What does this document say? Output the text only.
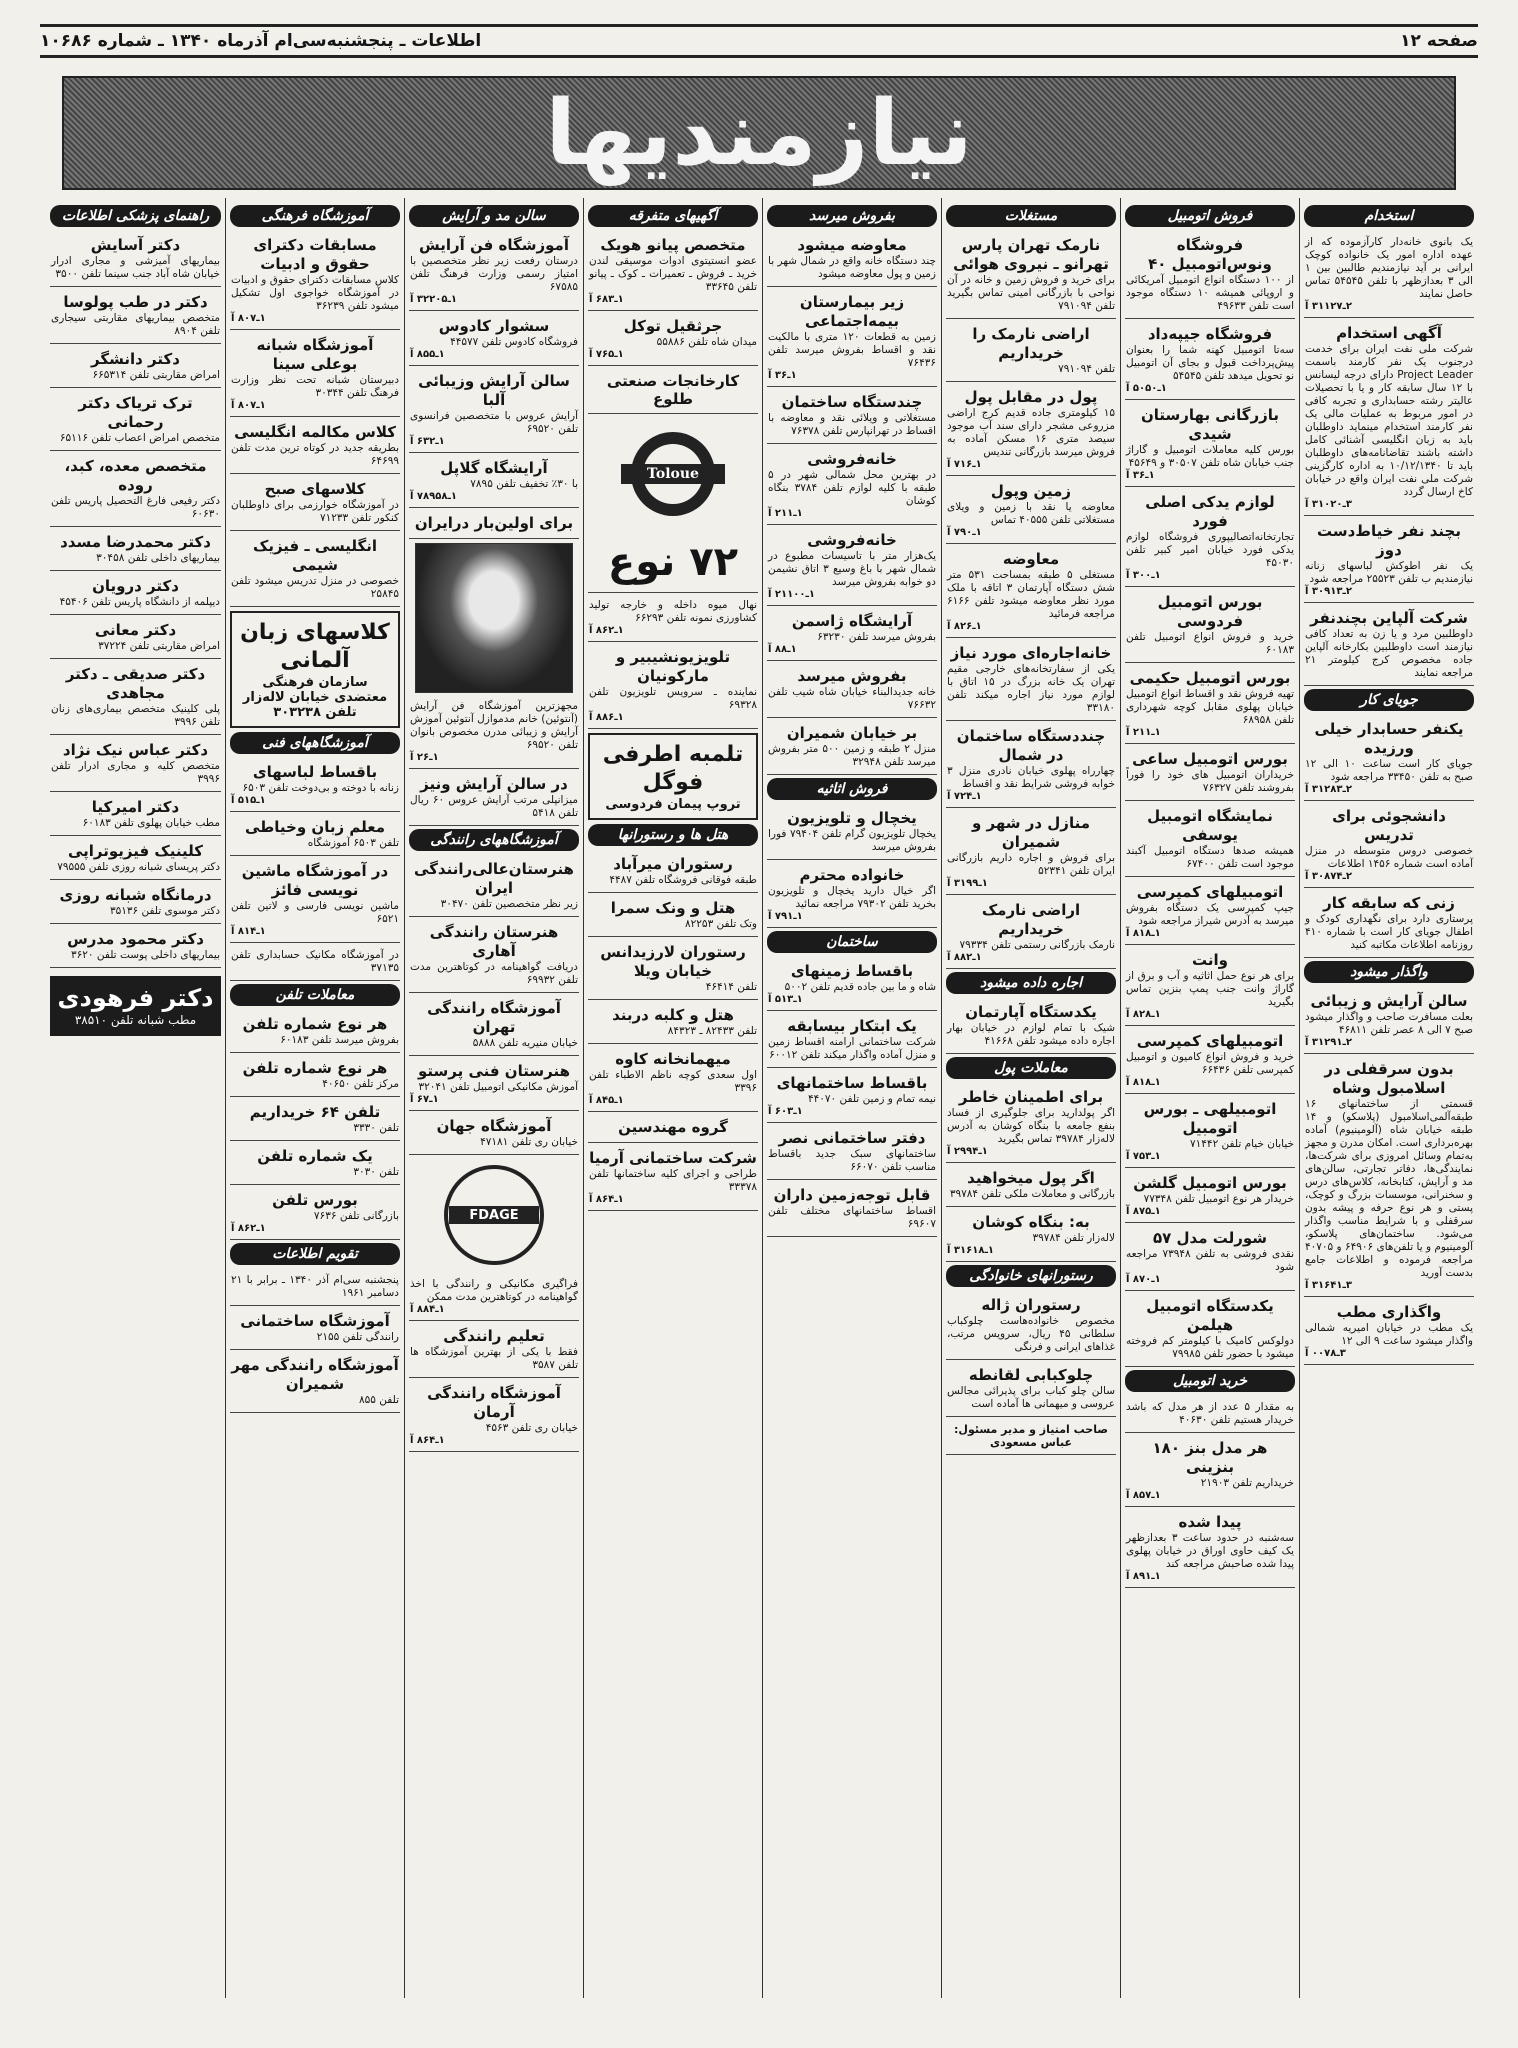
صفحه ۱۲
اطلاعات ـ پنجشنبه‌سی‌ام آذرماه ۱۳۴۰ ـ شماره ۱۰۶۸۶
نیازمندیها
استخدام

یک بانوی خانه‌دار کارآزموده که از عهده اداره امور یک خانواده کوچک ایرانی بر آید نیازمندیم طالبین بین ۱ الی ۳ بعدازظهر با تلفن ۵۴۵۴۵ تماس حاصل نمایند

۲ـ۳۱۱۲۷ آ
آگهی استخدام

شرکت ملی نفت ایران برای خدمت درجنوب یک نفر کارمند باسمت Project Leader دارای درجه لیسانس با ۱۲ سال سابقه کار و یا با تحصیلات عالیتر رشته حسابداری و تجربه کافی در امور مربوط به عملیات مالی یک نفر کارمند استخدام مینماید داوطلبان باید به زبان انگلیسی آشنائی کامل داشته باشند تقاضانامه‌های داوطلبان باید تا ۱۰/۱۲/۱۳۴۰ به اداره کارگزینی شرکت ملی نفت ایران واقع در خیابان کاخ ارسال گردد

۳ـ۳۱۰۲۰ آ
بچند نفر خیاط‌دست دوز

یک نفر اطوکش لباسهای زنانه نیازمندیم ب تلفن ۲۵۵۲۳ مراجعه شود

۲ـ۳۰۹۱۳ آ
شرکت آلپاین بچندنفر

داوطلبین مرد و یا زن به تعداد کافی نیازمند است داوطلبین بکارخانه آلپاین جاده مخصوص کرج کیلومتر ۲۱ مراجعه نمایند

جویای کار
یکنفر حسابدار خیلی ورزیده

جویای کار است ساعت ۱۰ الی ۱۲ صبح به تلفن ۳۳۴۵۰ مراجعه شود

۲ـ۳۱۲۸۳ آ
دانشجوئی برای تدریس

خصوصی دروس متوسطه در منزل آماده است شماره ۱۴۵۶ اطلاعات

۲ـ۳۰۸۷۴ آ
زنی که سابقه کار

پرستاری دارد برای نگهداری کودک و اطفال جویای کار است با شماره ۴۱۰ روزنامه اطلاعات مکاتبه کنید

واگذار میشود
سالن آرایش و زیبائی

بعلت مسافرت صاحب و واگذار میشود صبح ۷ الی ۸ عصر تلفن ۴۶۸۱۱

۲ـ۳۱۲۹۱ آ
بدون سرقفلی در اسلامبول وشاه

قسمتی از ساختمانهای ۱۶ طبقه‌آلمی‌اسلامبول (پلاسکو) و ۱۴ طبقه خیابان شاه (آلومینیوم) آماده بهره‌برداری است. امکان مدرن و مجهز به‌تمام وسائل امروزی برای شرکت‌ها، نمایندگی‌ها، دفاتر تجارتی، سالن‌های مد و آرایش، کتابخانه، کلاس‌های درس و سخنرانی، موسسات بزرگ و کوچک، پستی و هر نوع حرفه و پیشه بدون سرقفلی و با شرایط مناسب واگذار می‌شود. ساختمان‌های پلاسکو، آلومینیوم و یا تلفن‌های ۶۴۹۰۶ و ۴۰۷۰۵ مراجعه فرموده و اطلاعات جامع بدست آورید

۳ـ۳۱۶۴۱ آ
واگذاری مطب

یک مطب در خیابان امیریه شمالی واگذار میشود ساعت ۹ الی ۱۲

۳ـ۰۰۷۸ آ
فروش اتومبیل
فروشگاه ونوس‌اتومبیل ۴۰

از ۱۰۰ دستگاه انواع اتومبیل آمریکائی و اروپائی همیشه ۱۰ دستگاه موجود است تلفن ۴۹۶۳۳

فروشگاه جیپه‌داد

سه‌تا اتومبیل کهنه شما را بعنوان پیش‌پرداخت قبول و بجای آن اتومبیل نو تحویل میدهد تلفن ۵۴۵۴۵

۱ـ۵۰۵۰ آ
بازرگانی بهارستان شیدی

بورس کلیه معاملات اتومبیل و گاراژ جنب خیابان شاه تلفن ۳۰۵۰۷ و ۴۵۶۴۹

۱ـ۳۶ آ
لوازم یدکی اصلی فورد

تجارتخانه‌اتصالیپوری فروشگاه لوازم یدکی فورد خیابان امیر کبیر تلفن ۴۵۰۳۰

۱ـ۳۰۰ آ
بورس اتومبیل فردوسی

خرید و فروش انواع اتومبیل تلفن ۶۰۱۸۳

بورس اتومبیل حکیمی

تهیه فروش نقد و اقساط انواع اتومبیل خیابان پهلوی مقابل کوچه شهرداری تلفن ۶۸۹۵۸

۱ـ۲۱۱ آ
بورس اتومبیل ساعی

خریداران اتومبیل های خود را فوراً بفروشند تلفن ۷۶۳۲۷

نمایشگاه اتومبیل یوسفی

همیشه صدها دستگاه اتومبیل آکبند موجود است تلفن ۶۷۴۰۰

اتومبیلهای کمپرسی

جیپ کمپرسی یک دستگاه بفروش میرسد به آدرس شیراز مراجعه شود

۱ـ۸۱۸ آ
وانت

برای هر نوع حمل اثاثیه و آب و برق از گاراژ وانت جنب پمپ بنزین تماس بگیرید

۱ـ۸۲۸ آ
اتومبیلهای کمپرسی

خرید و فروش انواع کامیون و اتومبیل کمپرسی تلفن ۶۶۴۳۶

۱ـ۸۱۸ آ
اتومبیلهی ـ بورس اتومبیل

خیابان خیام تلفن ۷۱۴۴۲

۱ـ۷۵۳ آ
بورس اتومبیل گلشن

خریدار هر نوع اتومبیل تلفن ۷۷۳۴۸

۱ـ۸۷۵ آ
شورلت مدل ۵۷

نقدی فروشی به تلفن ۷۳۹۴۸ مراجعه شود

۱ـ۸۷۰ آ
یکدستگاه اتومبیل هیلمن

دولوکس کامیک با کیلومتر کم فروخته میشود با حضور تلفن ۷۹۹۸۵

خرید اتومبیل

به مقدار ۵ عدد از هر مدل که باشد خریدار هستیم تلفن ۴۰۶۳۰

هر مدل بنز ۱۸۰ بنزینی

خریداریم تلفن ۲۱۹۰۳

۱ـ۸۵۷ آ
پیدا شده

سه‌شنبه در حدود ساعت ۳ بعدازظهر یک کیف حاوی اوراق در خیابان پهلوی پیدا شده صاحبش مراجعه کند

۱ـ۸۹۱ آ
مستغلات
نارمک تهران پارس تهرانو ـ نیروی هوائی

برای خرید و فروش زمین و خانه در آن نواحی با بازرگانی امینی تماس بگیرید تلفن ۷۹۱۰۹۴

اراضی نارمک را خریداریم

تلفن ۷۹۱۰۹۴

پول در مقابل پول

۱۵ کیلومتری جاده قدیم کرج اراضی مزروعی مشجر دارای سند آب موجود سیصد متری ۱۶ مسکن آماده به فروش میرسد بازرگانی تندیس

۱ـ۷۱۶ آ
زمین وپول

معاوضه یا نقد با زمین و ویلای مستغلاتی تلفن ۴۰۵۵۵ تماس

۱ـ۷۹۰ آ
معاوضه

مستغلی ۵ طبقه بمساحت ۵۳۱ متر شش دستگاه آپارتمان ۳ اتاقه با ملک مورد نظر معاوضه میشود تلفن ۶۱۶۶ مراجعه فرمائید

۱ـ۸۲۶ آ
خانه‌اجاره‌ای مورد نیاز

یکی از سفارتخانه‌های خارجی مقیم تهران یک خانه بزرگ در ۱۵ اتاق با لوازم مورد نیاز اجاره میکند تلفن ۳۳۱۸۰

چنددستگاه ساختمان در شمال

چهارراه پهلوی خیابان نادری منزل ۳ خوابه فروشی شرایط نقد و اقساط

۱ـ۷۲۴ آ
منازل در شهر و شمیران

برای فروش و اجاره داریم بازرگانی ایران تلفن ۵۲۳۴۱

۱ـ۳۱۹۹ آ
اراضی نارمک خریداریم

نارمک بازرگانی رستمی تلفن ۷۹۳۳۴

۱ـ۸۸۲ آ
اجاره داده میشود
یکدستگاه آپارتمان

شیک با تمام لوازم در خیابان بهار اجاره داده میشود تلفن ۴۱۶۶۸

معاملات پول
برای اطمینان خاطر

اگر پولدارید برای جلوگیری از فساد بنفع جامعه با بنگاه کوشان به آدرس لاله‌زار ۳۹۷۸۴ تماس بگیرید

۱ـ۲۹۹۴ آ
اگر پول میخواهید

بازرگانی و معاملات ملکی تلفن ۳۹۷۸۴

به: بنگاه کوشان

لاله‌زار تلفن ۳۹۷۸۴

۱ـ۳۱۶۱۸ آ
رستورانهای خانوادگی
رستوران ژاله

مخصوص خانواده‌هاست چلوکباب سلطانی ۴۵ ریال، سرویس مرتب، غذاهای ایرانی و فرنگی

چلوکبابی لقانطه

سالن چلو کباب برای پذیرائی مجالس عروسی و میهمانی ها آماده است

صاحب امتیاز و مدیر مسئول: عباس مسعودی
بفروش میرسد
معاوضه میشود

چند دستگاه خانه واقع در شمال شهر با زمین و پول معاوضه میشود

زیر بیمارستان بیمه‌اجتماعی

زمین به قطعات ۱۲۰ متری با مالکیت نقد و اقساط بفروش میرسد تلفن ۷۶۴۳۶

۱ـ۳۶ آ
چندستگاه ساختمان

مستغلاتی و ویلائی نقد و معاوضه با اقساط در تهرانپارس تلفن ۷۶۳۷۸

خانه‌فروشی

در بهترین محل شمالی شهر در ۵ طبقه با کلیه لوازم تلفن ۳۷۸۴ بنگاه کوشان

۱ـ۲۱۱ آ
خانه‌فروشی

یک‌هزار متر با تاسیسات مطبوع در شمال شهر با باغ وسیع ۳ اتاق نشیمن دو خوابه بفروش میرسد

۱ـ۲۱۱۰۰ آ
آرایشگاه ژاسمن

بفروش میرسد تلفن ۶۳۲۳۰

۱ـ۸۸ آ
بفروش میرسد

خانه جدیدالبناء خیابان شاه شیب تلفن ۷۶۶۳۲

بر خیابان شمیران

منزل ۲ طبقه و زمین ۵۰۰ متر بفروش میرسد تلفن ۳۲۹۴۸

فروش اثاثیه
یخچال و تلویزیون

یخچال تلویزیون گرام تلفن ۷۹۴۰۴ فورا بفروش میرسد

خانواده محترم

اگر خیال دارید یخچال و تلویزیون بخرید تلفن ۷۹۳۰۲ مراجعه نمائید

۱ـ۷۹۱ آ
ساختمان
باقساط زمینهای

شاه و ما بین جاده قدیم تلفن ۵۰۰۲

۱ـ۵۱۳ آ
یک ابتکار بیسابقه

شرکت ساختمانی ارامنه اقساط زمین و منزل آماده واگذار میکند تلفن ۶۰۰۱۲

باقساط ساختمانهای

نیمه تمام و زمین تلفن ۴۴۰۷۰

۱ـ۶۰۳ آ
دفتر ساختمانی نصر

ساختمانهای سبک جدید باقساط مناسب تلفن ۶۶۰۷۰

قابل توجه‌زمین داران

اقساط ساختمانهای مختلف تلفن ۶۹۶۰۷

آگهیهای متفرقه
متخصص پیانو هویک

عضو انستیتوی ادوات موسیقی لندن خرید ـ فروش ـ تعمیرات ـ کوک ـ پیانو تلفن ۳۳۶۴۵

۱ـ۶۸۳ آ
جرثقیل توکل

میدان شاه تلفن ۵۵۸۸۶

۱ـ۷۶۵ آ
کارخانجات صنعتی طلوع
Toloue
۷۲ نوع

نهال میوه داخله و خارجه تولید کشاورزی نمونه تلفن ۶۶۲۹۳

۱ـ۸۶۲ آ
تلویزیونشیبیر و مارکونیان

نماینده ـ سرویس تلویزیون تلفن ۶۹۳۲۸

۱ـ۸۸۶ آ
تلمبه اطرفی فوگل
تروپ پیمان فردوسی
هتل ها و رستورانها
رستوران میرآباد

طبقه فوقانی فروشگاه تلفن ۴۴۸۷

هتل و ونک سمرا

وتک تلفن ۸۲۲۵۳

رستوران لارزیدانس خیابان ویلا

تلفن ۴۶۴۱۴

هتل و کلبه دربند

تلفن ۸۲۴۳۳ ـ ۸۴۳۲۳

میهمانخانه کاوه

اول سعدی کوچه ناظم الاطباء تلفن ۳۳۹۶

۱ـ۸۴۵ آ
گروه مهندسین
شرکت ساختمانی آرمیا

طراحی و اجرای کلیه ساختمانها تلفن ۳۳۳۷۸

۱ـ۸۶۴ آ
سالن مد و آرایش
آموزشگاه فن آرایش

درستان رفعت زیر نظر متخصصین با امتیاز رسمی وزارت فرهنگ تلفن ۶۷۵۸۵

۱ـ۳۲۲۰۵ آ
سشوار کادوس

فروشگاه کادوس تلفن ۴۴۵۷۷

۱ـ۸۵۵ آ
سالن آرایش وزیبائی آلبا

آرایش عروس با متخصصین فرانسوی تلفن ۶۹۵۲۰

۱ـ۶۳۲ آ
آرایشگاه گلاپل

با ۳۰٪ تخفیف تلفن ۷۸۹۵

۱ـ۷۸۹۵۸ آ
برای اولین‌بار درایران

مجهزترین آموزشگاه فن آرایش (آنتوئین) خانم مدموازل آنتوئین آموزش آرایش و زیبائی مدرن مخصوص بانوان تلفن ۶۹۵۲۰

۱ـ۲۶ آ
در سالن آرایش ونیز

میزانپلی مرتب آرایش عروس ۶۰ ریال تلفن ۵۴۱۸

آموزشگاههای رانندگی
هنرستان‌عالی‌رانندگی ایران

زیر نظر متخصصین تلفن ۳۰۴۷۰

هنرستان رانندگی آهاری

دریافت گواهینامه در کوتاهترین مدت تلفن ۶۹۹۳۲

آموزشگاه رانندگی تهران

خیابان منیریه تلفن ۵۸۸۸

هنرستان فنی پرستو

آموزش مکانیکی اتومبیل تلفن ۳۲۰۴۱

۱ـ۶۷ آ
آموزشگاه جهان

خیابان ری تلفن ۴۷۱۸۱

FDAGE

فراگیری مکانیکی و رانندگی با اخذ گواهینامه در کوتاهترین مدت ممکن

۱ـ۸۸۴ آ
تعلیم رانندگی

فقط با یکی از بهترین آموزشگاه ها تلفن ۳۵۸۷

آموزشگاه رانندگی آرمان

خیابان ری تلفن ۴۵۶۳

۱ـ۸۶۴ آ
آموزشگاه فرهنگی
مسابقات دکترای حقوق و ادبیات

کلاس مسابقات دکترای حقوق و ادبیات در آموزشگاه خواجوی اول تشکیل میشود تلفن ۳۶۲۳۹

۱ـ۸۰۷ آ
آموزشگاه شبانه بوعلی سینا

دبیرستان شبانه تحت نظر وزارت فرهنگ تلفن ۳۰۳۴۴

۱ـ۸۰۷ آ
کلاس مکالمه انگلیسی

بطریقه جدید در کوتاه ترین مدت تلفن ۶۴۶۹۹

کلاسهای صبح

در آموزشگاه خوارزمی برای داوطلبان کنکور تلفن ۷۱۲۳۳

انگلیسی ـ فیزیک شیمی

خصوصی در منزل تدریس میشود تلفن ۲۵۸۴۵

کلاسهای زبان آلمانی
سازمان فرهنگی معتضدی خیابان لاله‌زار تلفن ۳۰۳۲۳۸
آموزشگاههای فنی
باقساط لباسهای

زنانه با دوخته و بی‌دوخت تلفن ۶۵۰۳

۱ـ۵۱۵ آ
معلم زبان وخیاطی

تلفن ۶۵۰۳ آموزشگاه

در آموزشگاه ماشین نویسی فائز

ماشین نویسی فارسی و لاتین تلفن ۶۵۲۱

۱ـ۸۱۴ آ

در آموزشگاه مکانیک حسابداری تلفن ۳۷۱۳۵

معاملات تلفن
هر نوع شماره تلفن

بفروش میرسد تلفن ۶۰۱۸۳

هر نوع شماره تلفن

مرکز تلفن ۴۰۶۵۰

تلفن ۶۴ خریداریم

تلفن ۳۳۳۰

یک شماره تلفن

تلفن ۳۰۳۰

بورس تلفن

بازرگانی تلفن ۷۶۳۶

۱ـ۸۶۲ آ
تقویم اطلاعات

پنجشنبه سی‌ام آذر ۱۳۴۰ ـ برابر با ۲۱ دسامبر ۱۹۶۱

آموزشگاه ساختمانی

رانندگی تلفن ۲۱۵۵

آموزشگاه رانندگی مهر شمیران

تلفن ۸۵۵

راهنمای پزشکی اطلاعات
دکتر آسایش

بیماریهای آمیزشی و مجاری ادرار خیابان شاه آباد جنب سینما تلفن ۳۵۰۰

دکتر در طب پولوسا

متخصص بیماریهای مقاربتی سیجاری تلفن ۸۹۰۴

دکتر دانشگر

امراض مقاربتی تلفن ۶۶۵۳۱۴

ترک تریاک دکتر رحمانی

متخصص امراض اعصاب تلفن ۶۵۱۱۶

متخصص معده، کبد، روده

دکتر رفیعی فارغ التحصیل پاریس تلفن ۶۰۶۳۰

دکتر محمدرضا مسدد

بیماریهای داخلی تلفن ۳۰۴۵۸

دکتر درویان

دیپلمه از دانشگاه پاریس تلفن ۴۵۴۰۶

دکتر معانی

امراض مقاربتی تلفن ۳۷۲۲۴

دکتر صدیقی ـ دکتر مجاهدی

پلی کلینیک متخصص بیماری‌های زنان تلفن ۳۹۹۶

دکتر عباس نیک نژاد

متخصص کلیه و مجاری ادرار تلفن ۳۹۹۶

دکتر امیرکیا

مطب خیابان پهلوی تلفن ۶۰۱۸۳

کلینیک فیزیوتراپی

دکتر پریسای شبانه روزی تلفن ۷۹۵۵۵

درمانگاه شبانه روزی

دکتر موسوی تلفن ۳۵۱۳۶

دکتر محمود مدرس

بیماریهای داخلی پوست تلفن ۳۶۲۰

دکتر فرهودی
مطب شبانه تلفن ۳۸۵۱۰
